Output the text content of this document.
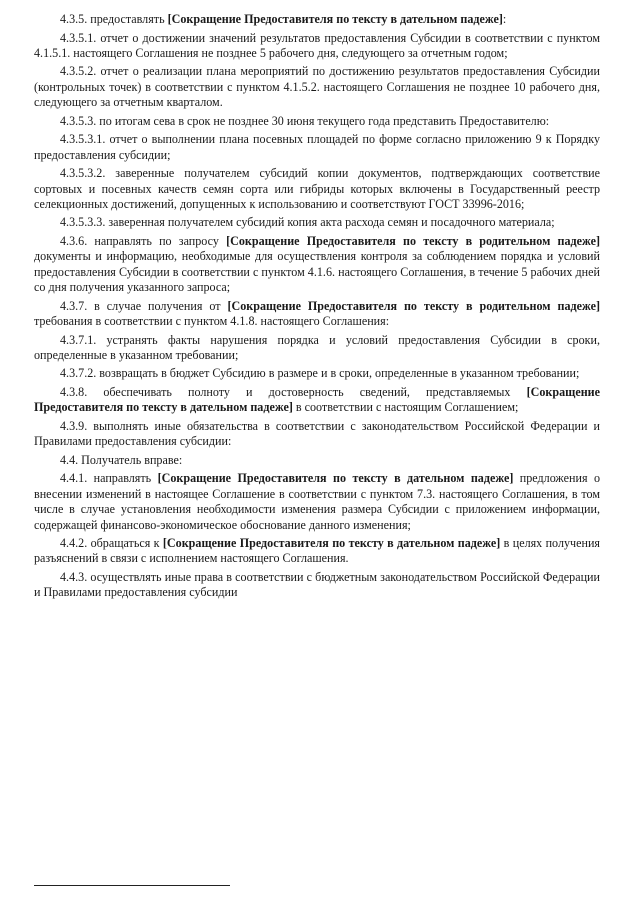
4.3.5. предоставлять [Сокращение Предоставителя по тексту в дательном падеже]:

4.3.5.1. отчет о достижении значений результатов предоставления Субсидии в соответствии с пунктом 4.1.5.1. настоящего Соглашения не позднее 5 рабочего дня, следующего за отчетным годом;

4.3.5.2. отчет о реализации плана мероприятий по достижению результатов предоставления Субсидии (контрольных точек) в соответствии с пунктом 4.1.5.2. настоящего Соглашения не позднее 10 рабочего дня, следующего за отчетным кварталом.

4.3.5.3. по итогам сева в срок не позднее 30 июня текущего года представить Предоставителю:

4.3.5.3.1. отчет о выполнении плана посевных площадей по форме согласно приложению 9 к Порядку предоставления субсидии;

4.3.5.3.2. заверенные получателем субсидий копии документов, подтверждающих соответствие сортовых и посевных качеств семян сорта или гибриды которых включены в Государственный реестр селекционных достижений, допущенных к использованию и соответствуют ГОСТ 33996-2016;

4.3.5.3.3. заверенная получателем субсидий копия акта расхода семян и посадочного материала;

4.3.6. направлять по запросу [Сокращение Предоставителя по тексту в родительном падеже] документы и информацию, необходимые для осуществления контроля за соблюдением порядка и условий предоставления Субсидии в соответствии с пунктом 4.1.6. настоящего Соглашения, в течение 5 рабочих дней со дня получения указанного запроса;

4.3.7. в случае получения от [Сокращение Предоставителя по тексту в родительном падеже] требования в соответствии с пунктом 4.1.8. настоящего Соглашения:

4.3.7.1. устранять факты нарушения порядка и условий предоставления Субсидии в сроки, определенные в указанном требовании;

4.3.7.2. возвращать в бюджет Субсидию в размере и в сроки, определенные в указанном требовании;

4.3.8. обеспечивать полноту и достоверность сведений, представляемых [Сокращение Предоставителя по тексту в дательном падеже] в соответствии с настоящим Соглашением;

4.3.9. выполнять иные обязательства в соответствии с законодательством Российской Федерации и Правилами предоставления субсидии:

4.4. Получатель вправе:

4.4.1. направлять [Сокращение Предоставителя по тексту в дательном падеже] предложения о внесении изменений в настоящее Соглашение в соответствии с пунктом 7.3. настоящего Соглашения, в том числе в случае установления необходимости изменения размера Субсидии с приложением информации, содержащей финансово-экономическое обоснование данного изменения;

4.4.2. обращаться к [Сокращение Предоставителя по тексту в дательном падеже] в целях получения разъяснений в связи с исполнением настоящего Соглашения.

4.4.3. осуществлять иные права в соответствии с бюджетным законодательством Российской Федерации и Правилами предоставления субсидии
